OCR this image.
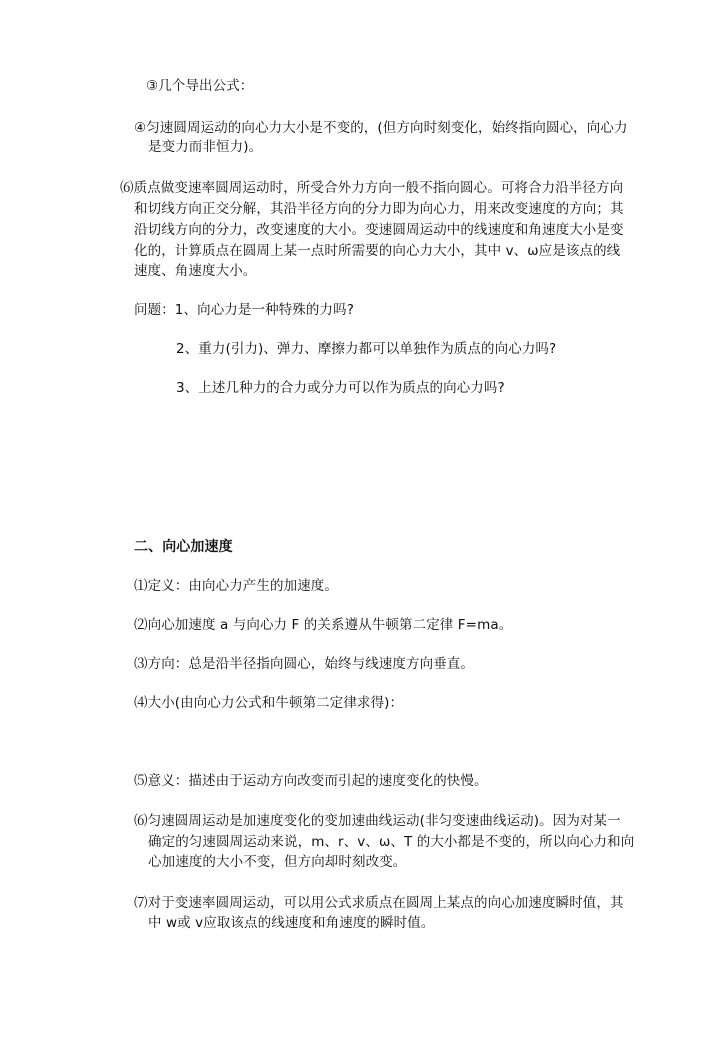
③几个导出公式：
④匀速圆周运动的向心力大小是不变的，(但方向时刻变化，始终指向圆心，向心力
是变力而非恒力)。
⑹质点做变速率圆周运动时，所受合外力方向一般不指向圆心。可将合力沿半径方向
和切线方向正交分解，其沿半径方向的分力即为向心力，用来改变速度的方向；其
沿切线方向的分力，改变速度的大小。变速圆周运动中的线速度和角速度大小是变
化的，计算质点在圆周上某一点时所需要的向心力大小，其中 v、ω应是该点的线
速度、角速度大小。
问题：1、向心力是一种特殊的力吗?
2、重力(引力)、弹力、摩擦力都可以单独作为质点的向心力吗?
3、上述几种力的合力或分力可以作为质点的向心力吗?
二、向心加速度
⑴定义：由向心力产生的加速度。
⑵向心加速度 a 与向心力 F 的关系遵从牛顿第二定律 F=ma。
⑶方向：总是沿半径指向圆心，始终与线速度方向垂直。
⑷大小(由向心力公式和牛顿第二定律求得)：
⑸意义：描述由于运动方向改变而引起的速度变化的快慢。
⑹匀速圆周运动是加速度变化的变加速曲线运动(非匀变速曲线运动)。因为对某一
确定的匀速圆周运动来说，m、r、v、ω、T 的大小都是不变的，所以向心力和向
心加速度的大小不变，但方向却时刻改变。
⑺对于变速率圆周运动，可以用公式求质点在圆周上某点的向心加速度瞬时值，其
中 w或 v应取该点的线速度和角速度的瞬时值。
